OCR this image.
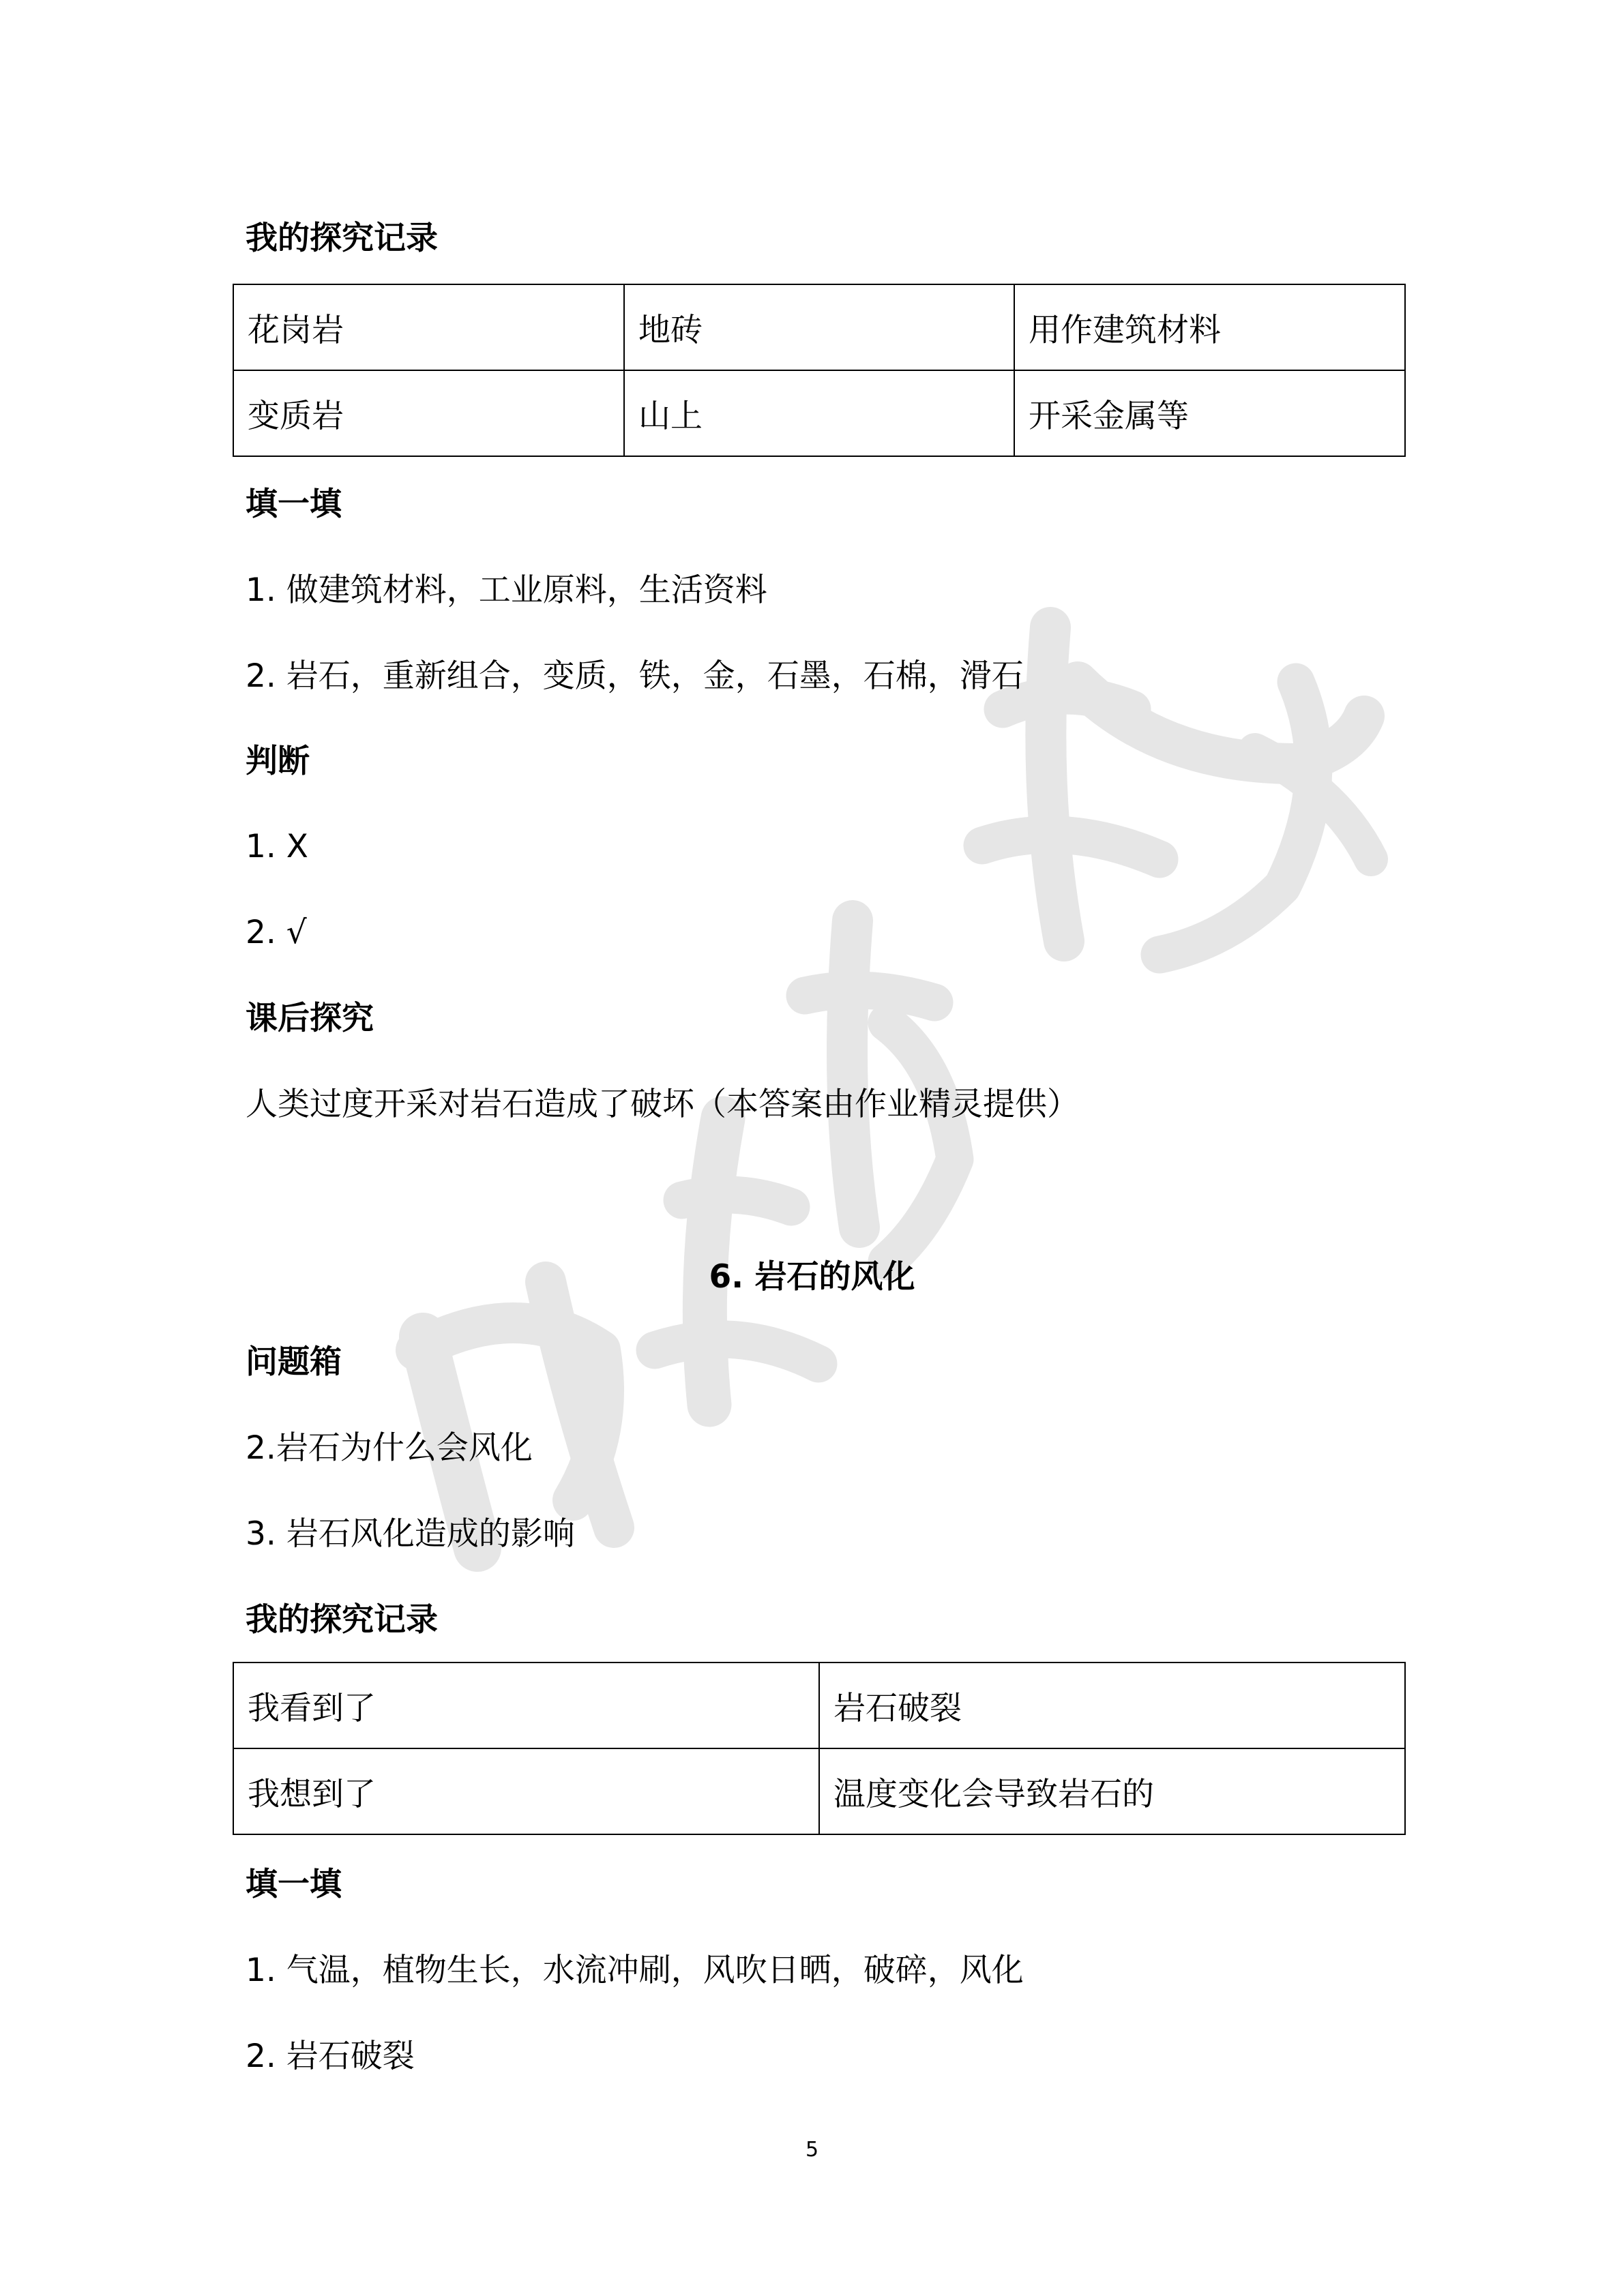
我的探究记录
花岗岩	地砖	用作建筑材料
变质岩	山上	开采金属等
填一填
1. 做建筑材料，工业原料，生活资料
2. 岩石，重新组合，变质，铁，金，石墨，石棉，滑石
判断
1. X
2. √
课后探究
人类过度开采对岩石造成了破坏（本答案由作业精灵提供）
6. 岩石的风化
问题箱
2.岩石为什么会风化
3. 岩石风化造成的影响
我的探究记录
我看到了	岩石破裂
我想到了	温度变化会导致岩石的
填一填
1. 气温，植物生长，水流冲刷，风吹日晒，破碎，风化
2. 岩石破裂
5
